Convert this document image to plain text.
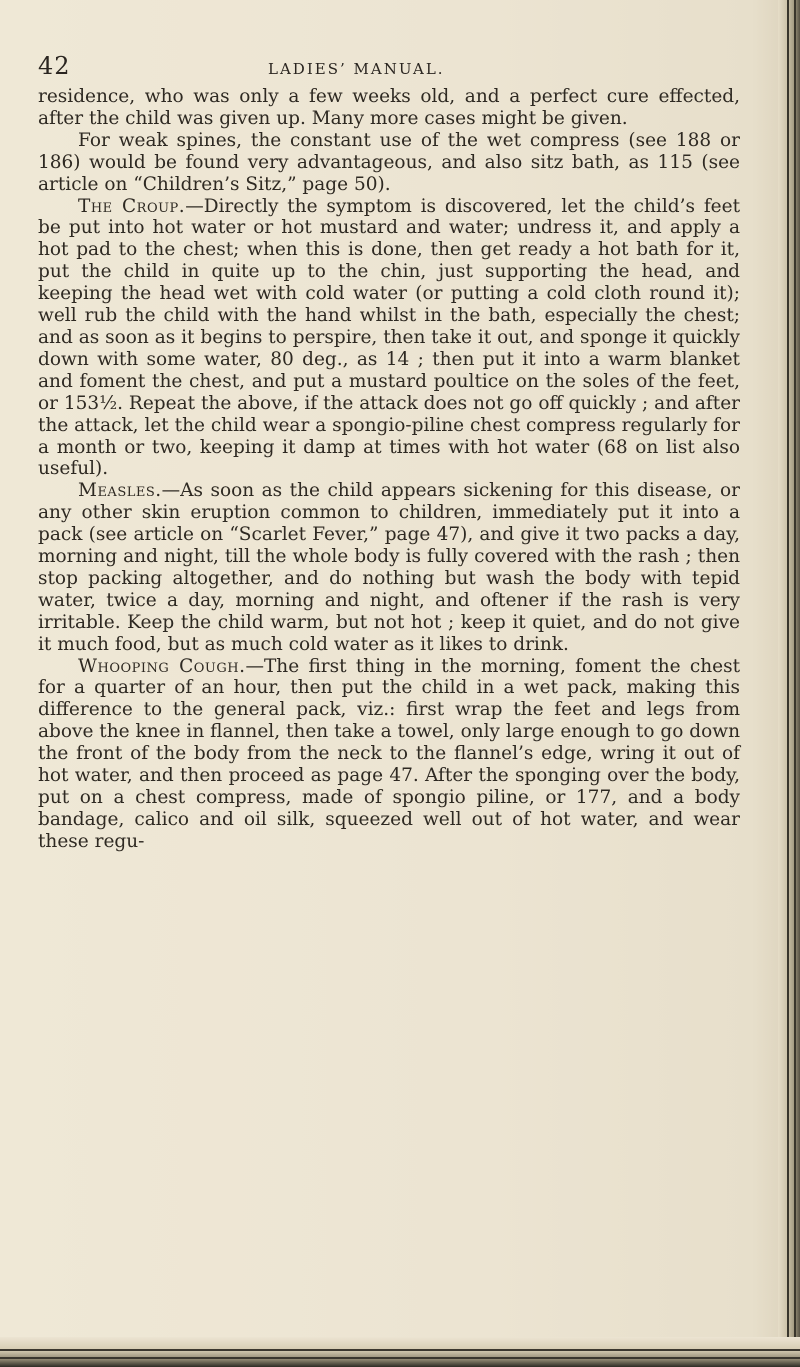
42	LADIES’ MANUAL.

residence, who was only a few weeks old, and a perfect cure effected, after the child was given up. Many more cases might be given.

For weak spines, the constant use of the wet compress (see 188 or 186) would be found very advantageous, and also sitz bath, as 115 (see article on “Children’s Sitz,” page 50).

The Croup.—Directly the symptom is discovered, let the child’s feet be put into hot water or hot mustard and water; undress it, and apply a hot pad to the chest; when this is done, then get ready a hot bath for it, put the child in quite up to the chin, just supporting the head, and keeping the head wet with cold water (or putting a cold cloth round it); well rub the child with the hand whilst in the bath, especially the chest; and as soon as it begins to perspire, then take it out, and sponge it quickly down with some water, 80 deg., as 14 ; then put it into a warm blanket and foment the chest, and put a mustard poultice on the soles of the feet, or 153½. Repeat the above, if the attack does not go off quickly ; and after the attack, let the child wear a spongio-piline chest compress regularly for a month or two, keeping it damp at times with hot water (68 on list also useful).

Measles.—As soon as the child appears sickening for this disease, or any other skin eruption common to children, immediately put it into a pack (see article on “Scarlet Fever,” page 47), and give it two packs a day, morning and night, till the whole body is fully covered with the rash ; then stop packing altogether, and do nothing but wash the body with tepid water, twice a day, morning and night, and oftener if the rash is very irritable. Keep the child warm, but not hot ; keep it quiet, and do not give it much food, but as much cold water as it likes to drink.

Whooping Cough.—The first thing in the morning, foment the chest for a quarter of an hour, then put the child in a wet pack, making this difference to the general pack, viz.: first wrap the feet and legs from above the knee in flannel, then take a towel, only large enough to go down the front of the body from the neck to the flannel’s edge, wring it out of hot water, and then proceed as page 47. After the sponging over the body, put on a chest compress, made of spongio piline, or 177, and a body bandage, calico and oil silk, squeezed well out of hot water, and wear these regu-
